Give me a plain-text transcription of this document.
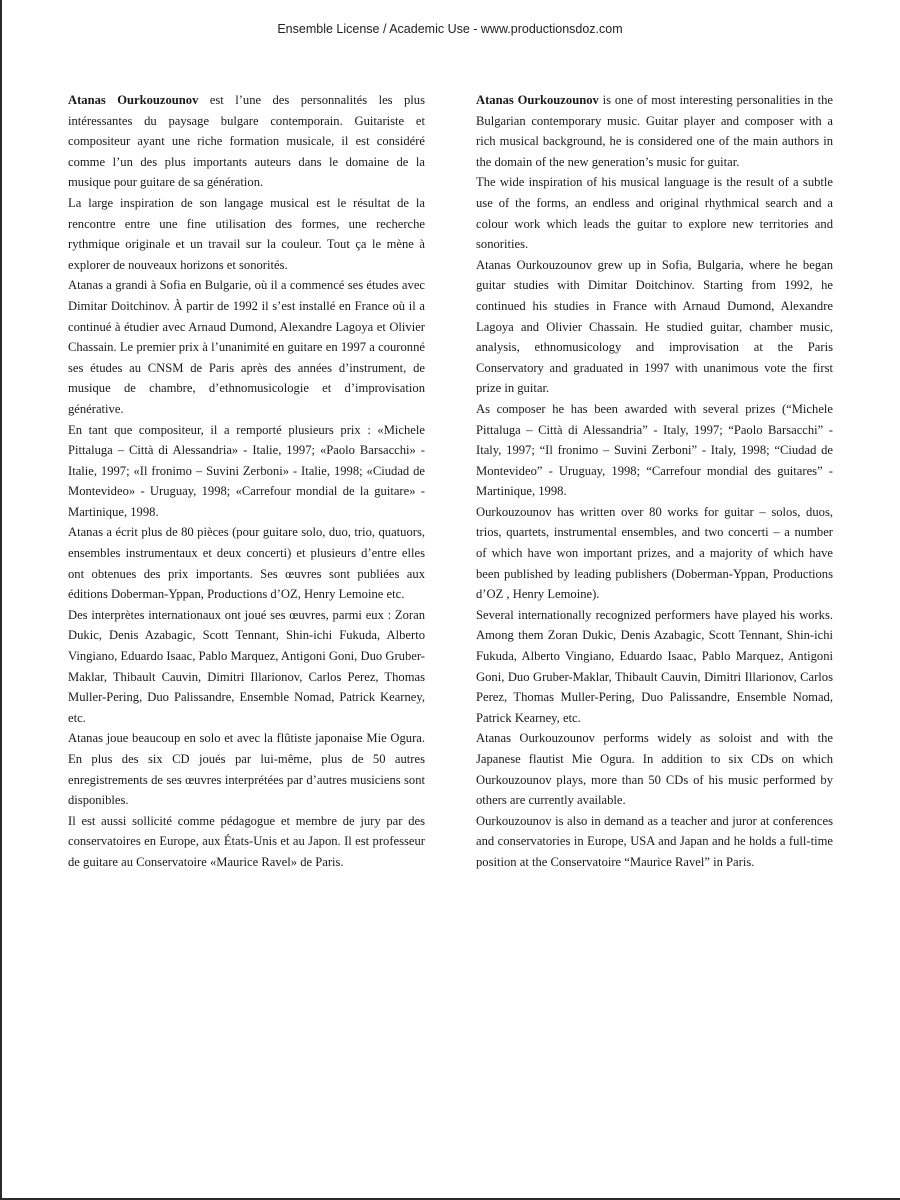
Ensemble License / Academic Use - www.productionsdoz.com

Atanas Ourkouzounov est l’une des personnalités les plus intéressantes du paysage bulgare contemporain. Guitariste et compositeur ayant une riche formation musicale, il est considéré comme l’un des plus importants auteurs dans le domaine de la musique pour guitare de sa génération.

La large inspiration de son langage musical est le résultat de la rencontre entre une fine utilisation des formes, une recherche rythmique originale et un travail sur la couleur. Tout ça le mène à explorer de nouveaux horizons et sonorités.

Atanas a grandi à Sofia en Bulgarie, où il a commencé ses études avec Dimitar Doitchinov. À partir de 1992 il s’est installé en France où il a continué à étudier avec Arnaud Dumond, Alexandre Lagoya et Olivier Chassain. Le premier prix à l’unanimité en guitare en 1997 a couronné ses études au CNSM de Paris après des années d’instrument, de musique de chambre, d’ethnomusicologie et d’improvisation générative.

En tant que compositeur, il a remporté plusieurs prix : «Michele Pittaluga – Città di Alessandria» - Italie, 1997; «Paolo Barsacchi» - Italie, 1997; «Il fronimo – Suvini Zerboni» - Italie, 1998; «Ciudad de Montevideo» - Uruguay, 1998; «Carrefour mondial de la guitare» - Martinique, 1998.

Atanas a écrit plus de 80 pièces (pour guitare solo, duo, trio, quatuors, ensembles instrumentaux et deux concerti) et plusieurs d’entre elles ont obtenues des prix importants. Ses œuvres sont publiées aux éditions Doberman-Yppan, Productions d’OZ, Henry Lemoine etc.

Des interprètes internationaux ont joué ses œuvres, parmi eux : Zoran Dukic, Denis Azabagic, Scott Tennant, Shin-ichi Fukuda, Alberto Vingiano, Eduardo Isaac, Pablo Marquez, Antigoni Goni, Duo Gruber-Maklar, Thibault Cauvin, Dimitri Illarionov, Carlos Perez, Thomas Muller-Pering, Duo Palissandre, Ensemble Nomad, Patrick Kearney, etc.

Atanas joue beaucoup en solo et avec la flûtiste japonaise Mie Ogura. En plus des six CD joués par lui-même, plus de 50 autres enregistrements de ses œuvres interprétées par d’autres musiciens sont disponibles.

Il est aussi sollicité comme pédagogue et membre de jury par des conservatoires en Europe, aux États-Unis et au Japon. Il est professeur de guitare au Conservatoire «Maurice Ravel» de Paris.

Atanas Ourkouzounov is one of most interesting personalities in the Bulgarian contemporary music. Guitar player and composer with a rich musical background, he is considered one of the main authors in the domain of the new generation’s music for guitar.

The wide inspiration of his musical language is the result of a subtle use of the forms, an endless and original rhythmical search and a colour work which leads the guitar to explore new territories and sonorities.

Atanas Ourkouzounov grew up in Sofia, Bulgaria, where he began guitar studies with Dimitar Doitchinov. Starting from 1992, he continued his studies in France with Arnaud Dumond, Alexandre Lagoya and Olivier Chassain. He studied guitar, chamber music, analysis, ethnomusicology and improvisation at the Paris Conservatory and graduated in 1997 with unanimous vote the first prize in guitar.

As composer he has been awarded with several prizes (“Michele Pittaluga – Città di Alessandria” - Italy, 1997; “Paolo Barsacchi” - Italy, 1997; “Il fronimo – Suvini Zerboni” - Italy, 1998; “Ciudad de Montevideo” - Uruguay, 1998; “Carrefour mondial des guitares” - Martinique, 1998.

Ourkouzounov has written over 80 works for guitar – solos, duos, trios, quartets, instrumental ensembles, and two concerti – a number of which have won important prizes, and a majority of which have been published by leading publishers (Doberman-Yppan, Productions d’OZ , Henry Lemoine).

Several internationally recognized performers have played his works. Among them Zoran Dukic, Denis Azabagic, Scott Tennant, Shin-ichi Fukuda, Alberto Vingiano, Eduardo Isaac, Pablo Marquez, Antigoni Goni, Duo Gruber-Maklar, Thibault Cauvin, Dimitri Illarionov, Carlos Perez, Thomas Muller-Pering, Duo Palissandre, Ensemble Nomad, Patrick Kearney, etc.

Atanas Ourkouzounov performs widely as soloist and with the Japanese flautist Mie Ogura. In addition to six CDs on which Ourkouzounov plays, more than 50 CDs of his music performed by others are currently available.

Ourkouzounov is also in demand as a teacher and juror at conferences and conservatories in Europe, USA and Japan and he holds a full-time position at the Conservatoire “Maurice Ravel” in Paris.
